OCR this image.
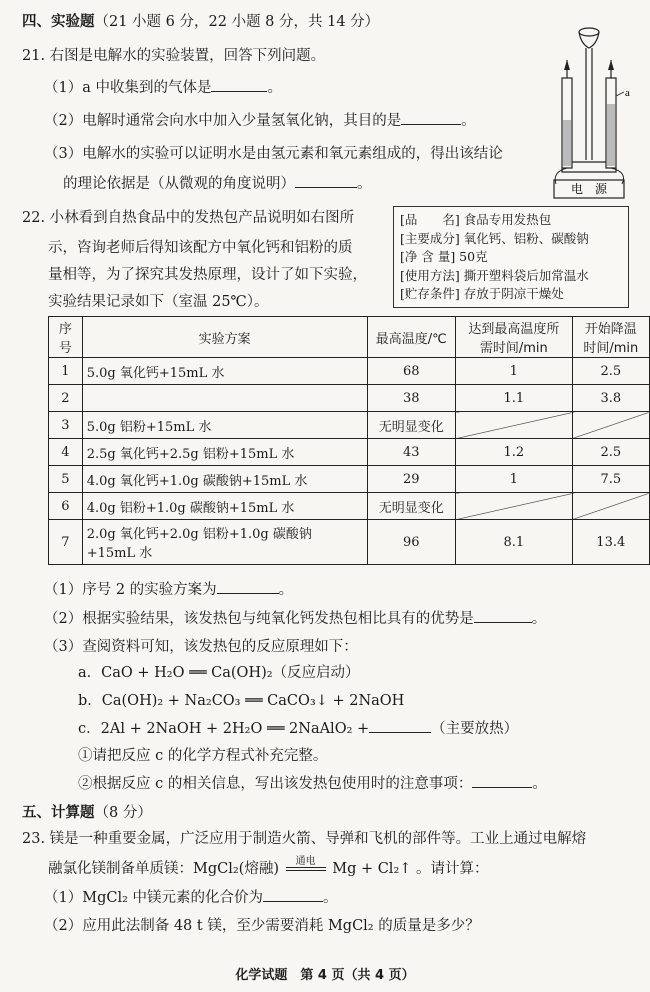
四、实验题（21 小题 6 分，22 小题 8 分，共 14 分）
21. 右图是电解水的实验装置，回答下列问题。
（1）a 中收集到的气体是	。
（2）电解时通常会向水中加入少量氢氧化钠，其目的是	。
（3）电解水的实验可以证明水是由氢元素和氧元素组成的，得出该结论
的理论依据是（从微观的角度说明）	。
a
电　源
22. 小林看到自热食品中的发热包产品说明如右图所
示，咨询老师后得知该配方中氧化钙和铝粉的质
量相等，为了探究其发热原理，设计了如下实验，
实验结果记录如下（室温 25℃）。
[品　　名] 食品专用发热包
[主要成分] 氧化钙、铝粉、碳酸钠
[净 含 量] 50克
[使用方法] 撕开塑料袋后加常温水
[贮存条件] 存放于阴凉干燥处
序号	实验方案	最高温度/℃	达到最高温度所
需时间/min	开始降温
时间/min
1	5.0g 氧化钙+15mL 水	68	1	2.5
2		38	1.1	3.8
3	5.0g 铝粉+15mL 水	无明显变化		
4	2.5g 氧化钙+2.5g 铝粉+15mL 水	43	1.2	2.5
5	4.0g 氧化钙+1.0g 碳酸钠+15mL 水	29	1	7.5
6	4.0g 铝粉+1.0g 碳酸钠+15mL 水	无明显变化		
7	2.0g 氧化钙+2.0g 铝粉+1.0g 碳酸钠
+15mL 水	96	8.1	13.4
（1）序号 2 的实验方案为	。
（2）根据实验结果，该发热包与纯氧化钙发热包相比具有的优势是	。
（3）查阅资料可知，该发热包的反应原理如下：
a．CaO + H₂O ══ Ca(OH)₂（反应启动）
b．Ca(OH)₂ + Na₂CO₃ ══ CaCO₃↓ + 2NaOH
c．2Al + 2NaOH + 2H₂O ══ 2NaAlO₂ +	（主要放热）
①请把反应 c 的化学方程式补充完整。
②根据反应 c 的相关信息，写出该发热包使用时的注意事项：	。
五、计算题（8 分）
23. 镁是一种重要金属，广泛应用于制造火箭、导弹和飞机的部件等。工业上通过电解熔
融氯化镁制备单质镁：MgCl₂(熔融)	通电	Mg + Cl₂↑ 。请计算：
（1）MgCl₂ 中镁元素的化合价为	。
（2）应用此法制备 48 t 镁，至少需要消耗 MgCl₂ 的质量是多少？
化学试题　第 4 页（共 4 页）
